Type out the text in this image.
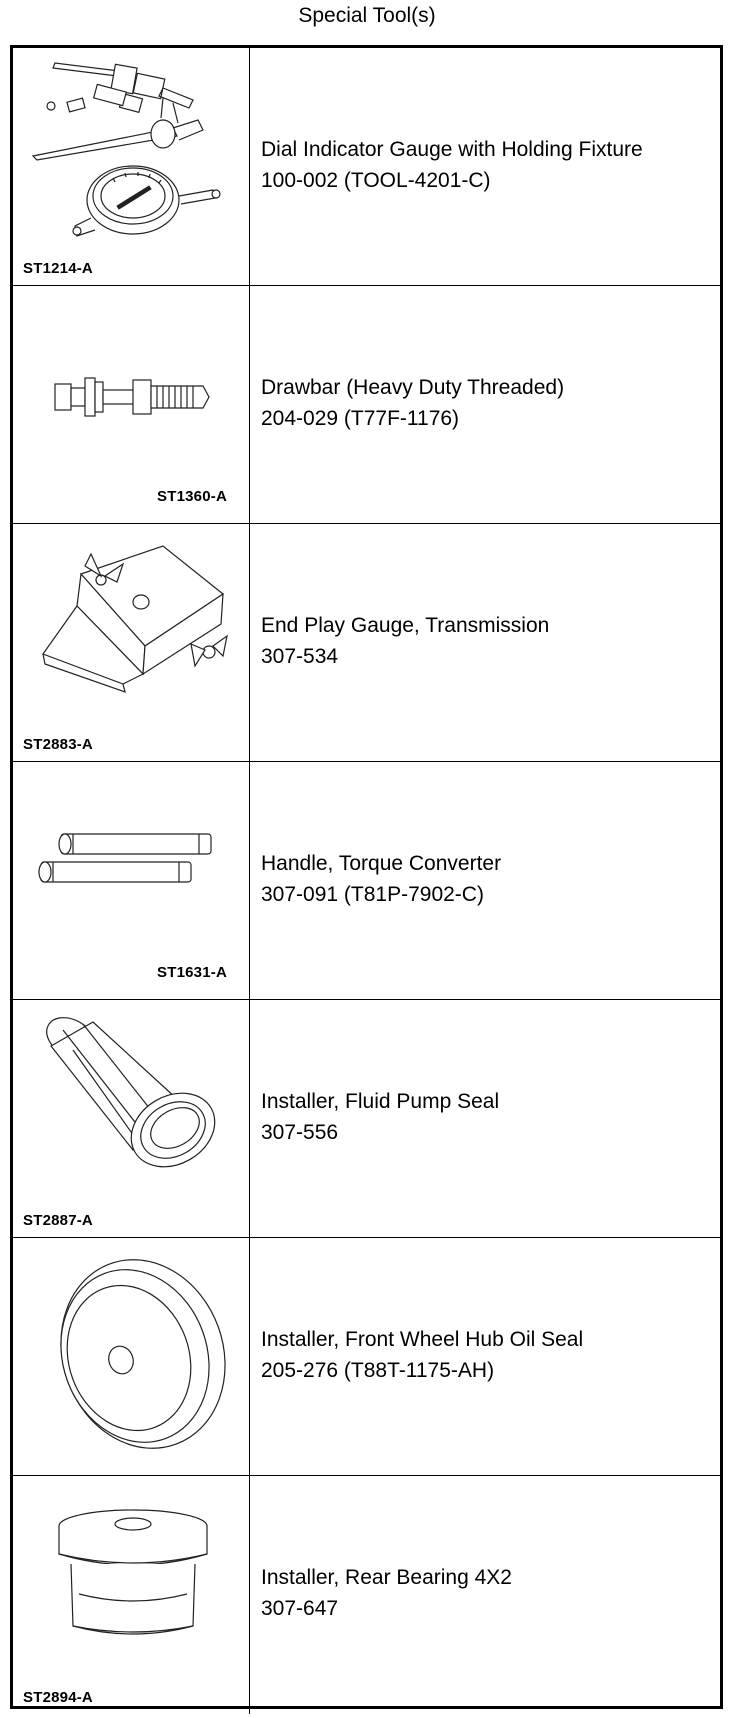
Special Tool(s)
ST1214-A
Dial Indicator Gauge with Holding Fixture
100-002 (TOOL-4201-C)
ST1360-A
Drawbar (Heavy Duty Threaded)
204-029 (T77F-1176)
ST2883-A
End Play Gauge, Transmission
307-534
ST1631-A
Handle, Torque Converter
307-091 (T81P-7902-C)
ST2887-A
Installer, Fluid Pump Seal
307-556
Installer, Front Wheel Hub Oil Seal
205-276 (T88T-1175-AH)
ST2894-A
Installer, Rear Bearing 4X2
307-647
